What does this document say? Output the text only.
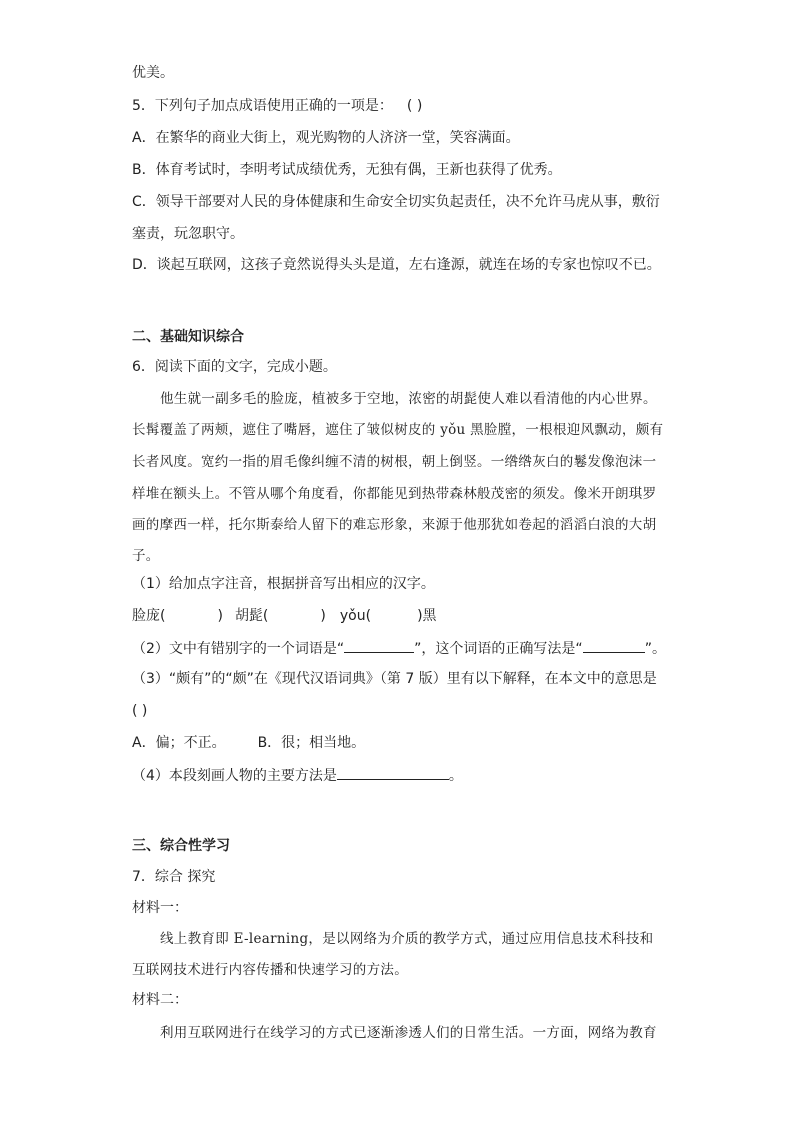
优美。
5．下列句子加点成语使用正确的一项是： ( )
A．在繁华的商业大街上，观光购物的人济济一堂，笑容满面。
B．体育考试时，李明考试成绩优秀，无独有偶，王新也获得了优秀。
C．领导干部要对人民的身体健康和生命安全切实负起责任，决不允许马虎从事，敷衍
塞责，玩忽职守。
D．谈起互联网，这孩子竟然说得头头是道，左右逢源，就连在场的专家也惊叹不已。
二、基础知识综合
6．阅读下面的文字，完成小题。
他生就一副多毛的脸庞，植被多于空地，浓密的胡髭使人难以看清他的内心世界。
长髯覆盖了两颊，遮住了嘴唇，遮住了皱似树皮的 yǒu 黑脸膛，一根根迎风飘动，颇有
长者风度。宽约一指的眉毛像纠缠不清的树根，朝上倒竖。一绺绺灰白的鬈发像泡沫一
样堆在额头上。不管从哪个角度看，你都能见到热带森林般茂密的须发。像米开朗琪罗
画的摩西一样，托尔斯泰给人留下的难忘形象，来源于他那犹如卷起的滔滔白浪的大胡
子。
（1）给加点字注音，根据拼音写出相应的汉字。
脸庞(	) 胡髭(	) yǒu(	)黑
（2）文中有错别字的一个词语是“	”，这个词语的正确写法是“	”。
（3）“颇有”的“颇”在《现代汉语词典》（第 7 版）里有以下解释，在本文中的意思是
( )
A．偏；不正。 B．很；相当地。
（4）本段刻画人物的主要方法是	。
三、综合性学习
7．综合 探究
材料一：
线上教育即 E-learning，是以网络为介质的教学方式，通过应用信息技术科技和
互联网技术进行内容传播和快速学习的方法。
材料二：
利用互联网进行在线学习的方式已逐渐渗透人们的日常生活。一方面，网络为教育
